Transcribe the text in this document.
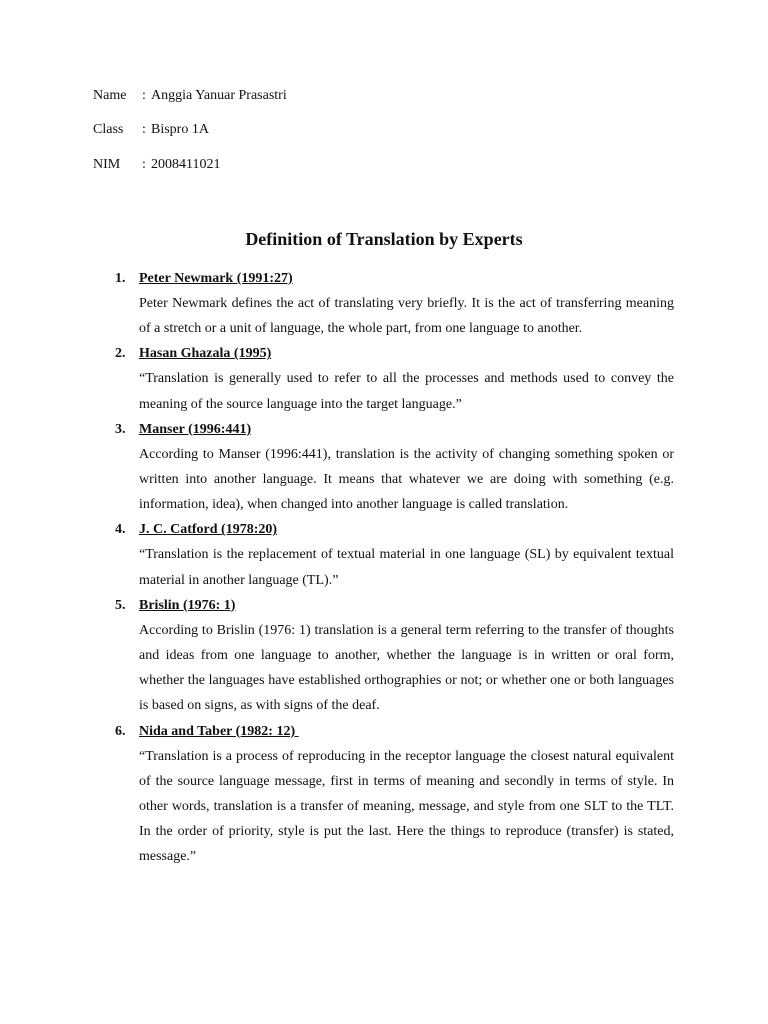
Name : Anggia Yanuar Prasastri
Class : Bispro 1A
NIM : 2008411021
Definition of Translation by Experts
1. Peter Newmark (1991:27)
Peter Newmark defines the act of translating very briefly. It is the act of transferring meaning of a stretch or a unit of language, the whole part, from one language to another.
2. Hasan Ghazala (1995)
“Translation is generally used to refer to all the processes and methods used to convey the meaning of the source language into the target language.”
3. Manser (1996:441)
According to Manser (1996:441), translation is the activity of changing something spoken or written into another language. It means that whatever we are doing with something (e.g. information, idea), when changed into another language is called translation.
4. J. C. Catford (1978:20)
“Translation is the replacement of textual material in one language (SL) by equivalent textual material in another language (TL).”
5. Brislin (1976: 1)
According to Brislin (1976: 1) translation is a general term referring to the transfer of thoughts and ideas from one language to another, whether the language is in written or oral form, whether the languages have established orthographies or not; or whether one or both languages is based on signs, as with signs of the deaf.
6. Nida and Taber (1982: 12)
“Translation is a process of reproducing in the receptor language the closest natural equivalent of the source language message, first in terms of meaning and secondly in terms of style. In other words, translation is a transfer of meaning, message, and style from one SLT to the TLT. In the order of priority, style is put the last. Here the things to reproduce (transfer) is stated, message.”
